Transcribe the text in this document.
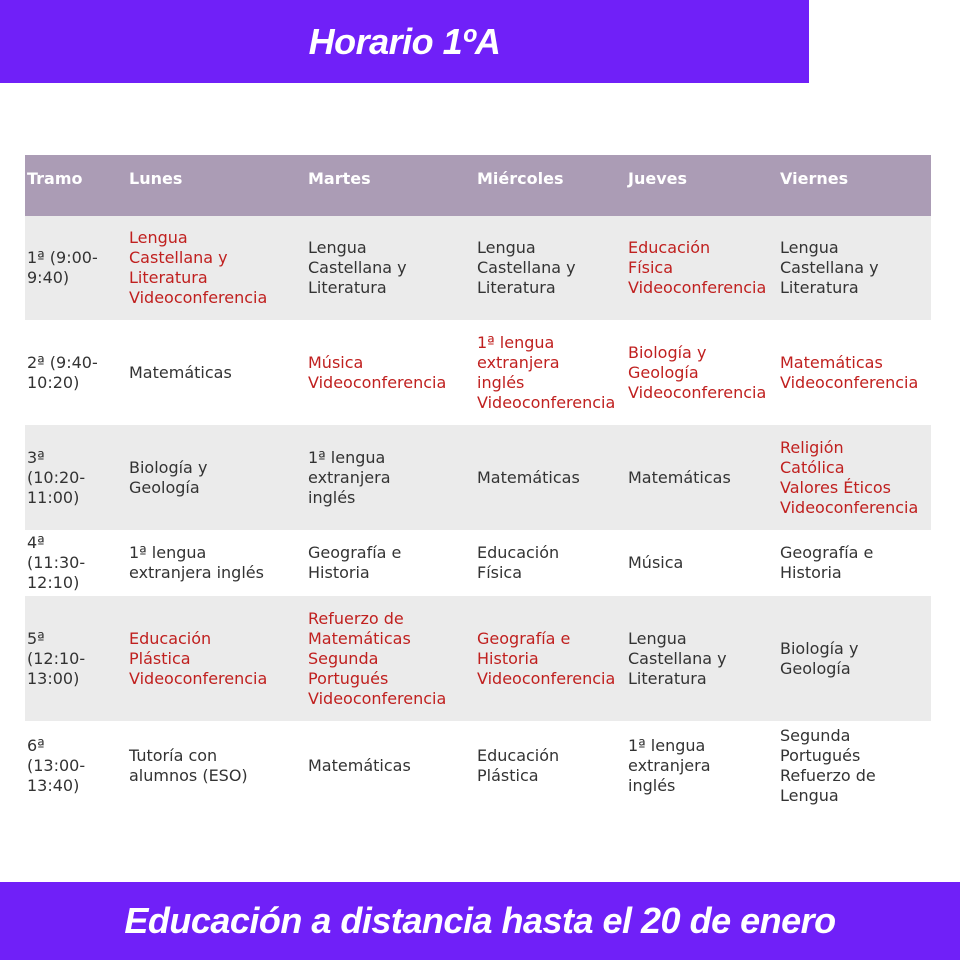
Horario 1ºA
Tramo	Lunes	Martes	Miércoles	Jueves	Viernes
1ª (9:00-
9:40)	Lengua
Castellana y
Literatura
Videoconferencia	Lengua
Castellana y
Literatura	Lengua
Castellana y
Literatura	Educación
Física
Videoconferencia	Lengua
Castellana y
Literatura
2ª (9:40-
10:20)	Matemáticas	Música
Videoconferencia	1ª lengua
extranjera
inglés
Videoconferencia	Biología y
Geología
Videoconferencia	Matemáticas
Videoconferencia
3ª
(10:20-
11:00)	Biología y
Geología	1ª lengua
extranjera
inglés	Matemáticas	Matemáticas	Religión
Católica
Valores Éticos
Videoconferencia
4ª
(11:30-
12:10)	1ª lengua
extranjera inglés	Geografía e
Historia	Educación
Física	Música	Geografía e
Historia
5ª
(12:10-
13:00)	Educación
Plástica
Videoconferencia	Refuerzo de
Matemáticas
Segunda
Portugués
Videoconferencia	Geografía e
Historia
Videoconferencia	Lengua
Castellana y
Literatura	Biología y
Geología
6ª
(13:00-
13:40)	Tutoría con
alumnos (ESO)	Matemáticas	Educación
Plástica	1ª lengua
extranjera
inglés	Segunda
Portugués
Refuerzo de
Lengua
Educación a distancia hasta el 20 de enero
